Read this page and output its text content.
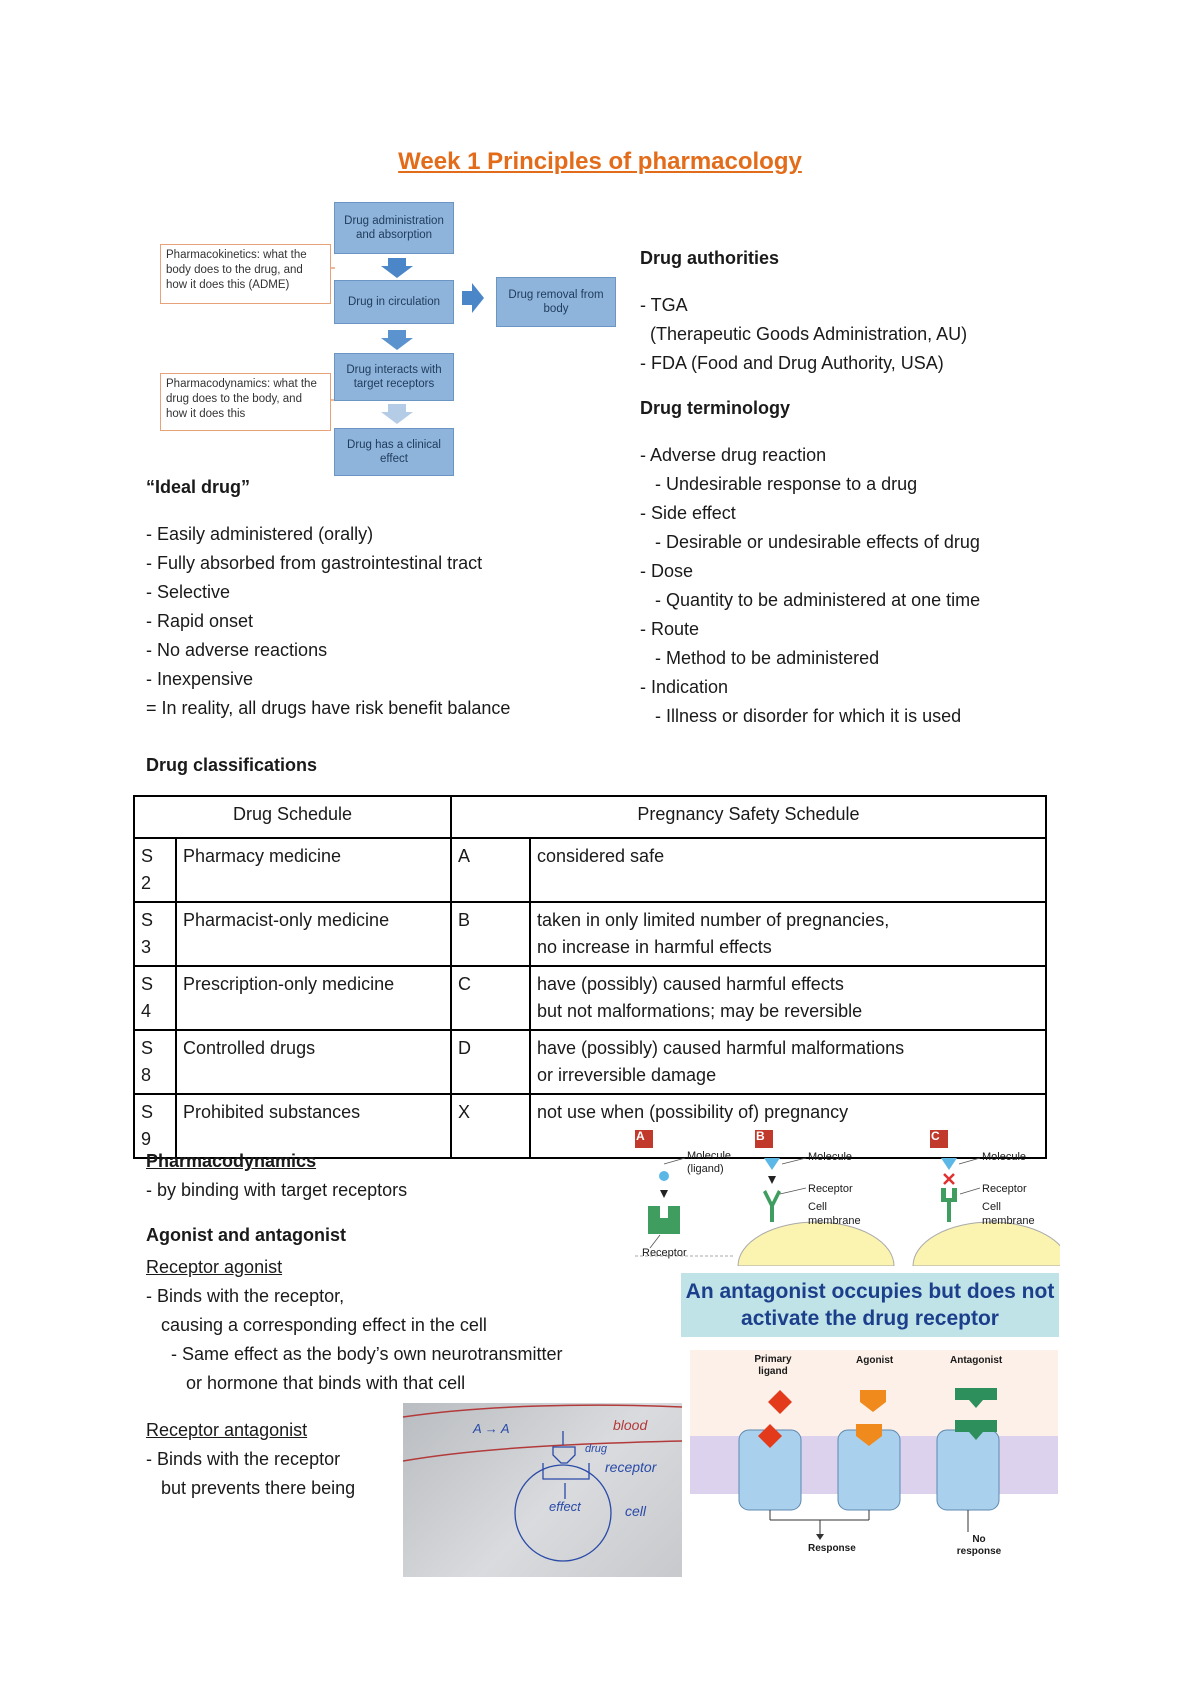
Week 1 Principles of pharmacology
Drug administration and absorption
Drug in circulation
Drug removal from body
Drug interacts with target receptors
Drug has a clinical effect
Pharmacokinetics: what the body does to the drug, and how it does this (ADME)
Pharmacodynamics: what the drug does to the body, and how it does this
“Ideal drug”
- Easily administered (orally)
- Fully absorbed from gastrointestinal tract
- Selective
- Rapid onset
- No adverse reactions
- Inexpensive
= In reality, all drugs have risk benefit balance
Drug authorities
- TGA
(Therapeutic Goods Administration, AU)
- FDA (Food and Drug Authority, USA)
Drug terminology
- Adverse drug reaction
- Undesirable response to a drug
- Side effect
- Desirable or undesirable effects of drug
- Dose
- Quantity to be administered at one time
- Route
- Method to be administered
- Indication
- Illness or disorder for which it is used
Drug classifications
Drug Schedule		Pregnancy Safety Schedule	
S
2	Pharmacy medicine	A	considered safe

S
3	Pharmacist-only medicine	B	taken in only limited number of pregnancies,
no increase in harmful effects
S
4	Prescription-only medicine	C	have (possibly) caused harmful effects
but not malformations; may be reversible
S
8	Controlled drugs	D	have (possibly) caused harmful malformations
or irreversible damage
S
9	Prohibited substances	X	not use when (possibility of) pregnancy

Pharmacodynamics
- by binding with target receptors
Agonist and antagonist
Receptor agonist
- Binds with the receptor,
causing a corresponding effect in the cell
- Same effect as the body’s own neurotransmitter
or hormone that binds with that cell
Receptor antagonist
- Binds with the receptor
but prevents there being
A	B	C
Molecule
(ligand)
Receptor
Molecule
Receptor
Cell
membrane
Molecule
Receptor
Cell
membrane
An antagonist occupies but does not
activate the drug receptor
Primary
ligand
Agonist	Antagonist
Response
No
response
A → A	blood
drug
receptor
effect	cell
